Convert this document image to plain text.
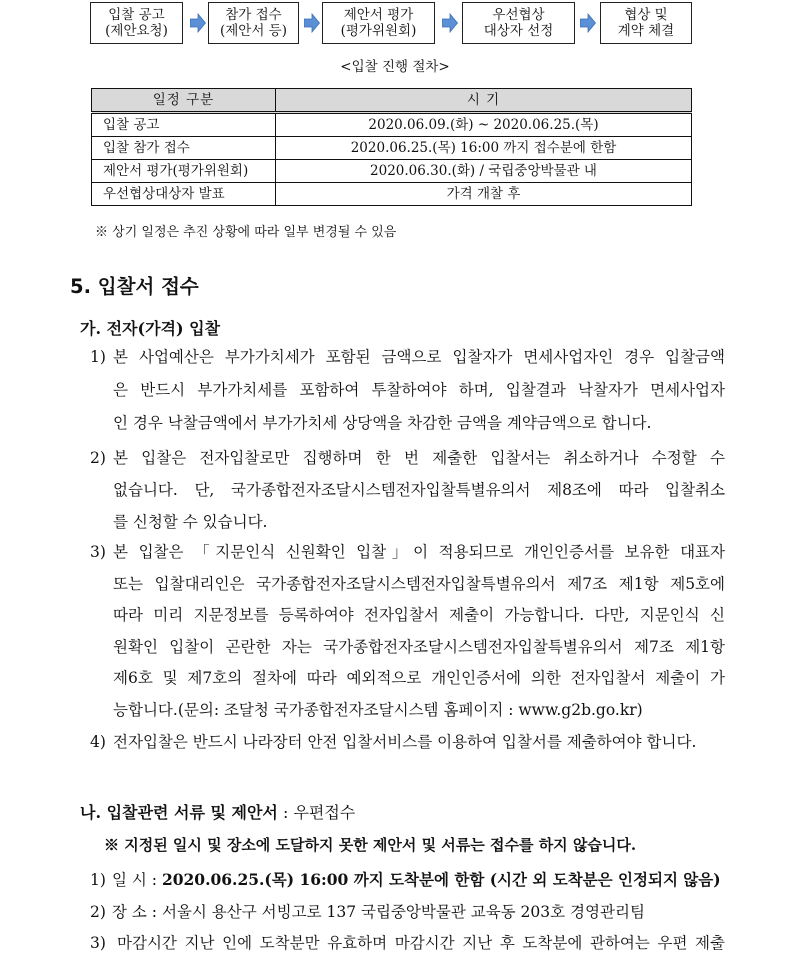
입찰 공고
(제안요청)
참가 접수
(제안서 등)
제안서 평가
(평가위원회)
우선협상
대상자 선정
협상 및
계약 체결
<입찰 진행 절차>
일정 구분	시 기
입찰 공고	2020.06.09.(화) ~ 2020.06.25.(목)
입찰 참가 접수	2020.06.25.(목) 16:00 까지 접수분에 한함
제안서 평가(평가위원회)	2020.06.30.(화) / 국립중앙박물관 내
우선협상대상자 발표	가격 개찰 후
※ 상기 일정은 추진 상황에 따라 일부 변경될 수 있음
5. 입찰서 접수
가. 전자(가격) 입찰
1) 본 사업예산은 부가가치세가 포함된 금액으로 입찰자가 면세사업자인 경우 입찰금액
은 반드시 부가가치세를 포함하여 투찰하여야 하며, 입찰결과 낙찰자가 면세사업자
인 경우 낙찰금액에서 부가가치세 상당액을 차감한 금액을 계약금액으로 합니다.
2) 본 입찰은 전자입찰로만 집행하며 한 번 제출한 입찰서는 취소하거나 수정할 수
없습니다. 단, 국가종합전자조달시스템전자입찰특별유의서 제8조에 따라 입찰취소
를 신청할 수 있습니다.
3) 본 입찰은 「지문인식 신원확인 입찰」이 적용되므로 개인인증서를 보유한 대표자
또는 입찰대리인은 국가종합전자조달시스템전자입찰특별유의서 제7조 제1항 제5호에
따라 미리 지문정보를 등록하여야 전자입찰서 제출이 가능합니다. 다만, 지문인식 신
원확인 입찰이 곤란한 자는 국가종합전자조달시스템전자입찰특별유의서 제7조 제1항
제6호 및 제7호의 절차에 따라 예외적으로 개인인증서에 의한 전자입찰서 제출이 가
능합니다.(문의: 조달청 국가종합전자조달시스템 홈페이지 : www.g2b.go.kr)
4) 전자입찰은 반드시 나라장터 안전 입찰서비스를 이용하여 입찰서를 제출하여야 합니다.
나. 입찰관련 서류 및 제안서 : 우편접수
※ 지정된 일시 및 장소에 도달하지 못한 제안서 및 서류는 접수를 하지 않습니다.
1) 일 시 : 2020.06.25.(목) 16:00 까지 도착분에 한함 (시간 외 도착분은 인정되지 않음)
2) 장 소 : 서울시 용산구 서빙고로 137 국립중앙박물관 교육동 203호 경영관리팀
3) 마감시간 지난 인에 도착분만 유효하며 마감시간 지난 후 도착분에 관하여는 우편 제출
